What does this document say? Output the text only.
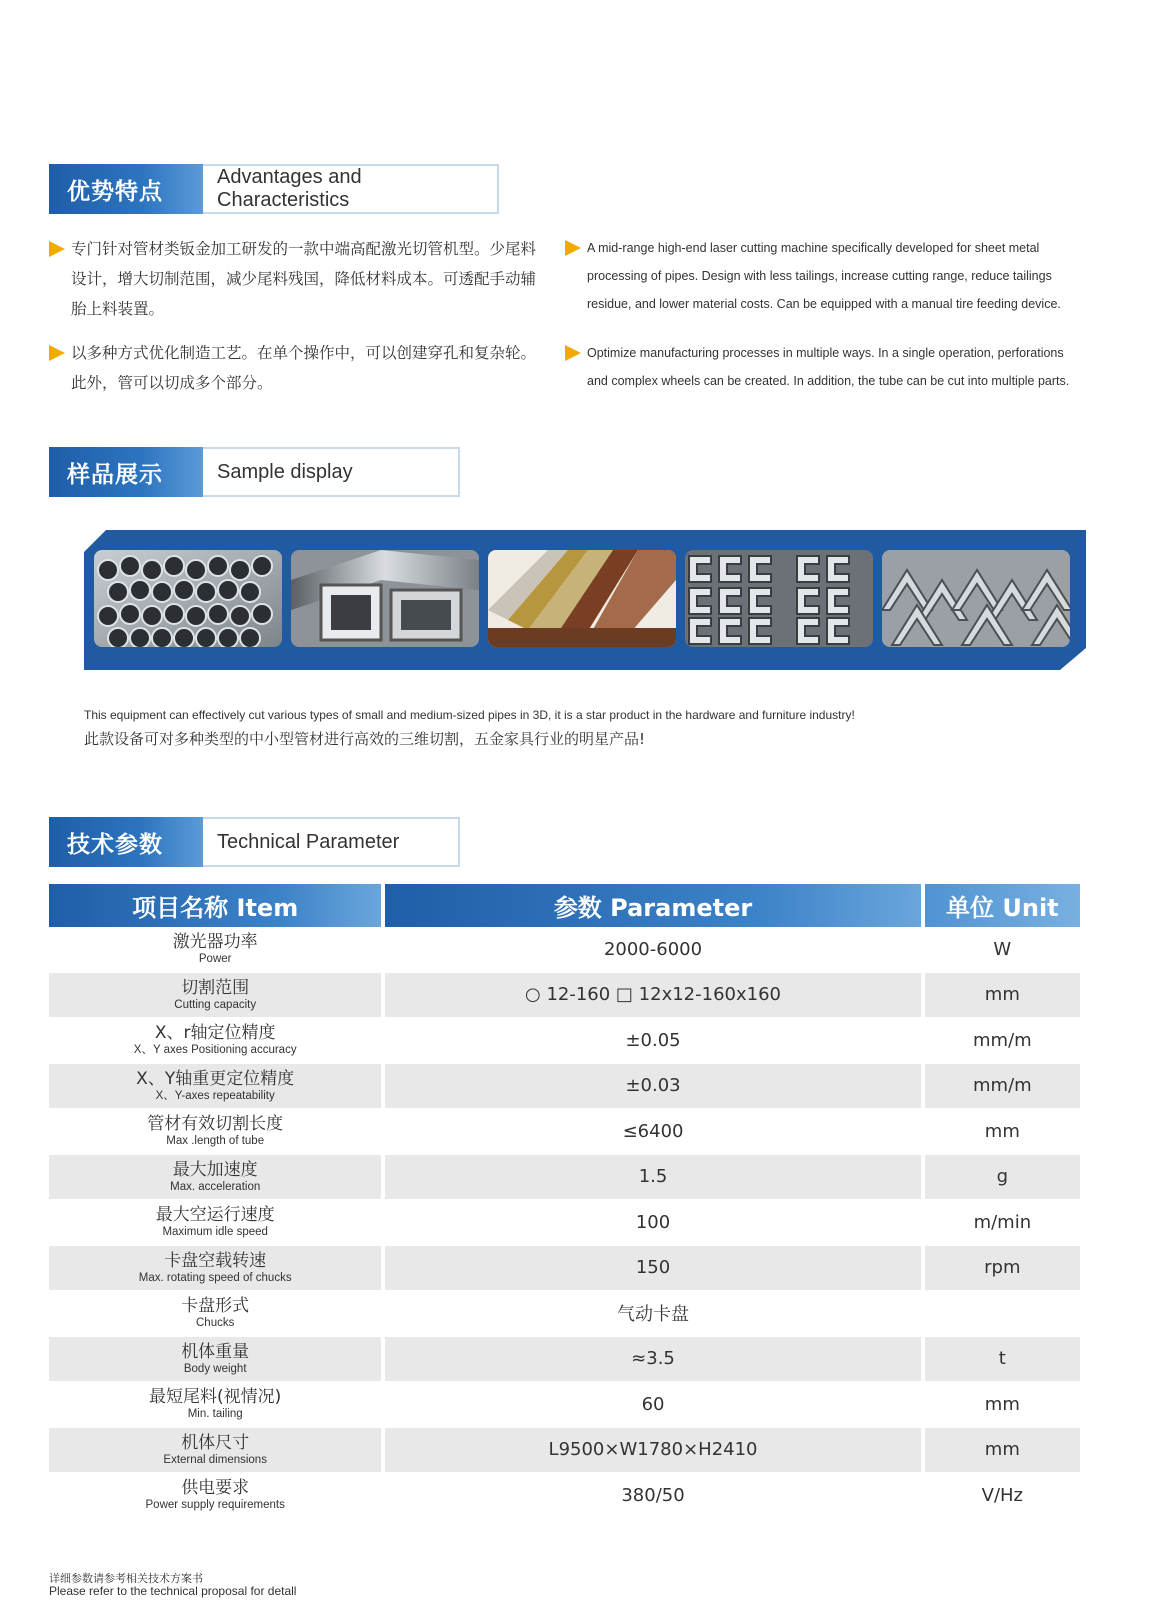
优势特点
Advantages and Characteristics
专门针对管材类钣金加工研发的一款中端高配激光切管机型。少尾料设计，增大切制范围，减少尾料残国，降低材料成本。可透配手动辅胎上料装置。
以多种方式优化制造工艺。在单个操作中，可以创建穿孔和复杂轮。此外，管可以切成多个部分。
A mid-range high-end laser cutting machine specifically developed for sheet metal processing of pipes. Design with less tailings, increase cutting range, reduce tailings residue, and lower material costs. Can be equipped with a manual tire feeding device.
Optimize manufacturing processes in multiple ways. In a single operation, perforations and complex wheels can be created. In addition, the tube can be cut into multiple parts.
样品展示	Sample display
This equipment can effectively cut various types of small and medium-sized pipes in 3D, it is a star product in the hardware and furniture industry!
此款设备可对多种类型的中小型管材进行高效的三维切割，五金家具行业的明星产品!
技术参数	Technical Parameter
项目名称 Item	参数 Parameter	单位 Unit

激光器功率
Power	2000-6000	W

切割范围
Cutting capacity	○ 12-160 □ 12x12-160x160	mm

X、r轴定位精度
X、Y axes Positioning accuracy	±0.05	mm/m

X、Y轴重更定位精度
X、Y-axes repeatability	±0.03	mm/m

管材有效切割长度
Max .length of tube	≤6400	mm

最大加速度
Max. acceleration	1.5	g

最大空运行速度
Maximum idle speed	100	m/min

卡盘空载转速
Max. rotating speed of chucks	150	rpm

卡盘形式
Chucks	气动卡盘	

机体重量
Body weight	≈3.5	t

最短尾料(视情况)
Min. tailing	60	mm

机体尺寸
External dimensions	L9500×W1780×H2410	mm

供电要求
Power supply requirements	380/50	V/Hz
详细参数请参考相关技术方案书
Please refer to the technical proposal for detall
